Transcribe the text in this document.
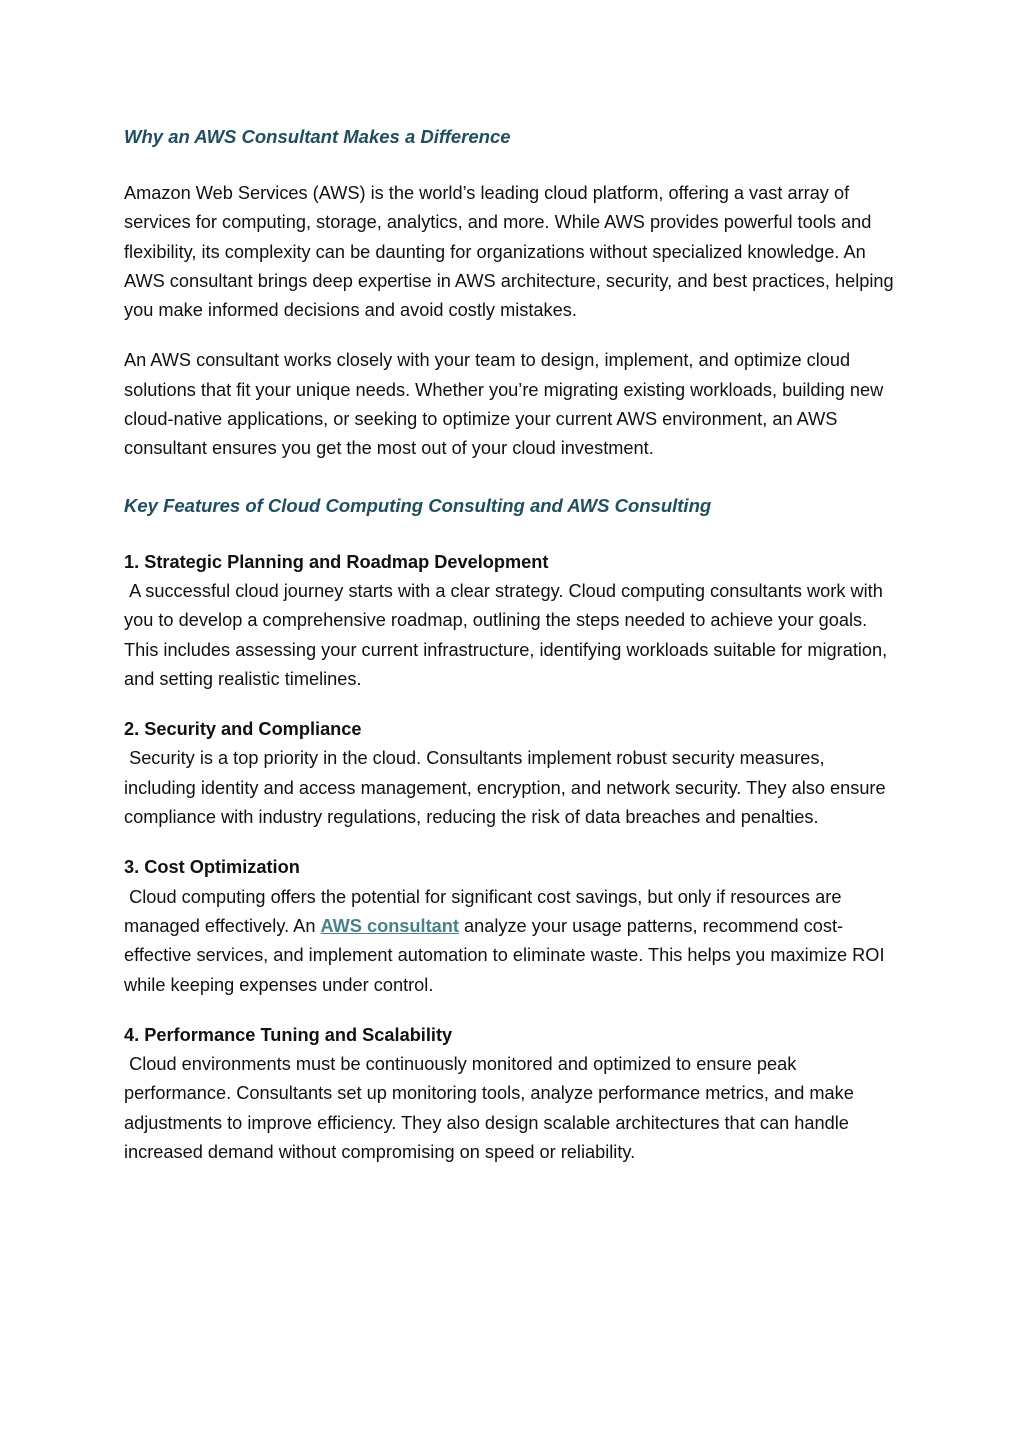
Why an AWS Consultant Makes a Difference

Amazon Web Services (AWS) is the world’s leading cloud platform, offering a vast array of services for computing, storage, analytics, and more. While AWS provides powerful tools and flexibility, its complexity can be daunting for organizations without specialized knowledge. An AWS consultant brings deep expertise in AWS architecture, security, and best practices, helping you make informed decisions and avoid costly mistakes.

An AWS consultant works closely with your team to design, implement, and optimize cloud solutions that fit your unique needs. Whether you’re migrating existing workloads, building new cloud-native applications, or seeking to optimize your current AWS environment, an AWS consultant ensures you get the most out of your cloud investment.

Key Features of Cloud Computing Consulting and AWS Consulting
1. Strategic Planning and Roadmap Development

A successful cloud journey starts with a clear strategy. Cloud computing consultants work with you to develop a comprehensive roadmap, outlining the steps needed to achieve your goals. This includes assessing your current infrastructure, identifying workloads suitable for migration, and setting realistic timelines.

2. Security and Compliance

Security is a top priority in the cloud. Consultants implement robust security measures, including identity and access management, encryption, and network security. They also ensure compliance with industry regulations, reducing the risk of data breaches and penalties.

3. Cost Optimization

Cloud computing offers the potential for significant cost savings, but only if resources are managed effectively. An AWS consultant analyze your usage patterns, recommend cost-effective services, and implement automation to eliminate waste. This helps you maximize ROI while keeping expenses under control.

4. Performance Tuning and Scalability

Cloud environments must be continuously monitored and optimized to ensure peak performance. Consultants set up monitoring tools, analyze performance metrics, and make adjustments to improve efficiency. They also design scalable architectures that can handle increased demand without compromising on speed or reliability.
